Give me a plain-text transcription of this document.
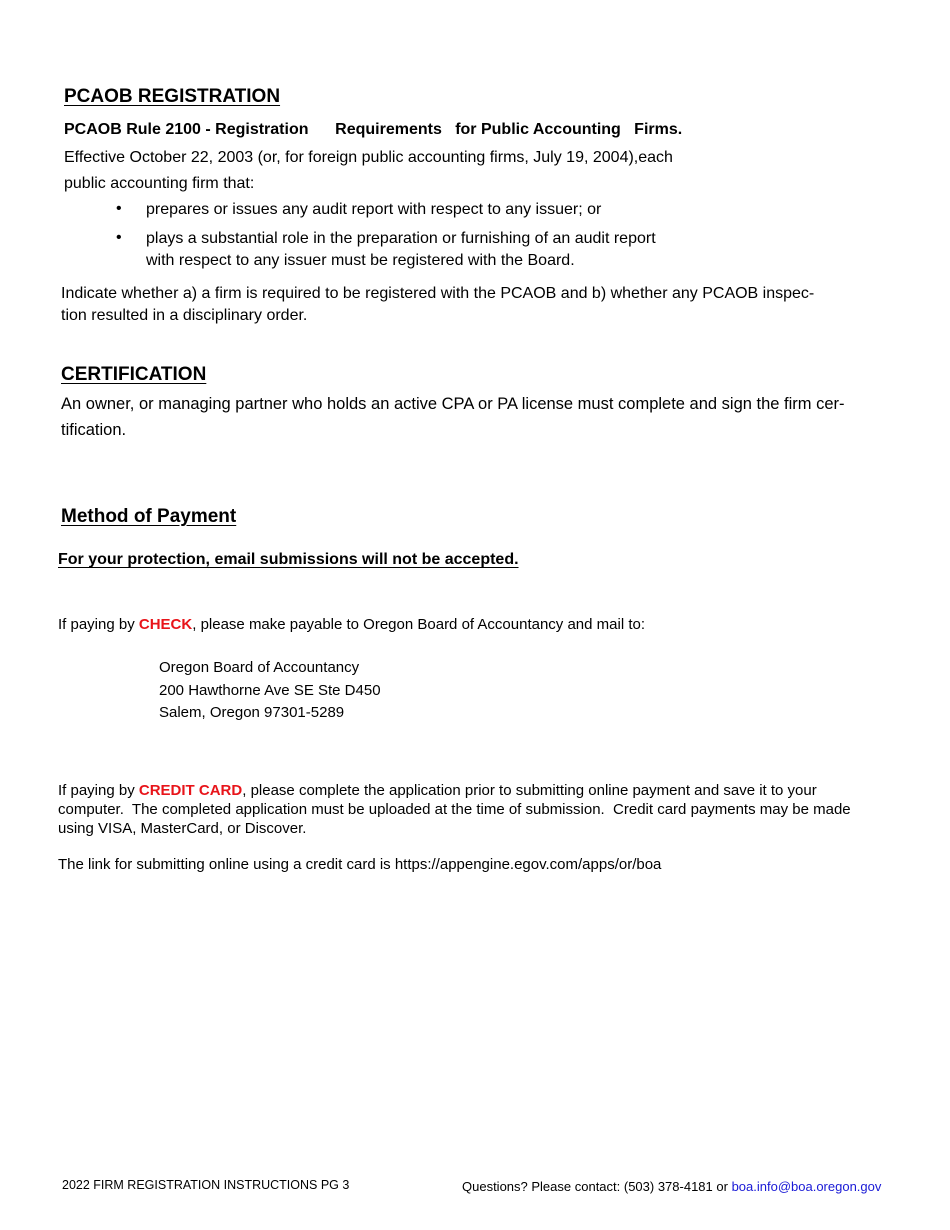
PCAOB REGISTRATION
PCAOB Rule 2100 - Registration      Requirements   for Public Accounting   Firms.
Effective October 22, 2003 (or, for foreign public accounting firms, July 19, 2004),each
public accounting firm that:
• prepares or issues any audit report with respect to any issuer; or
• plays a substantial role in the preparation or furnishing of an audit report
with respect to any issuer must be registered with the Board.
Indicate whether a) a firm is required to be registered with the PCAOB and b) whether any PCAOB inspec-
tion resulted in a disciplinary order.
CERTIFICATION
An owner, or managing partner who holds an active CPA or PA license must complete and sign the firm cer-
tification.
Method of Payment
For your protection, email submissions will not be accepted.
If paying by CHECK, please make payable to Oregon Board of Accountancy and mail to:
Oregon Board of Accountancy
200 Hawthorne Ave SE Ste D450
Salem, Oregon 97301-5289
If paying by CREDIT CARD, please complete the application prior to submitting online payment and save it to your
computer.  The completed application must be uploaded at the time of submission.  Credit card payments may be made
using VISA, MasterCard, or Discover.
The link for submitting online using a credit card is https://appengine.egov.com/apps/or/boa
2022 FIRM REGISTRATION INSTRUCTIONS PG 3	Questions? Please contact: (503) 378-4181 or boa.info@boa.oregon.gov
